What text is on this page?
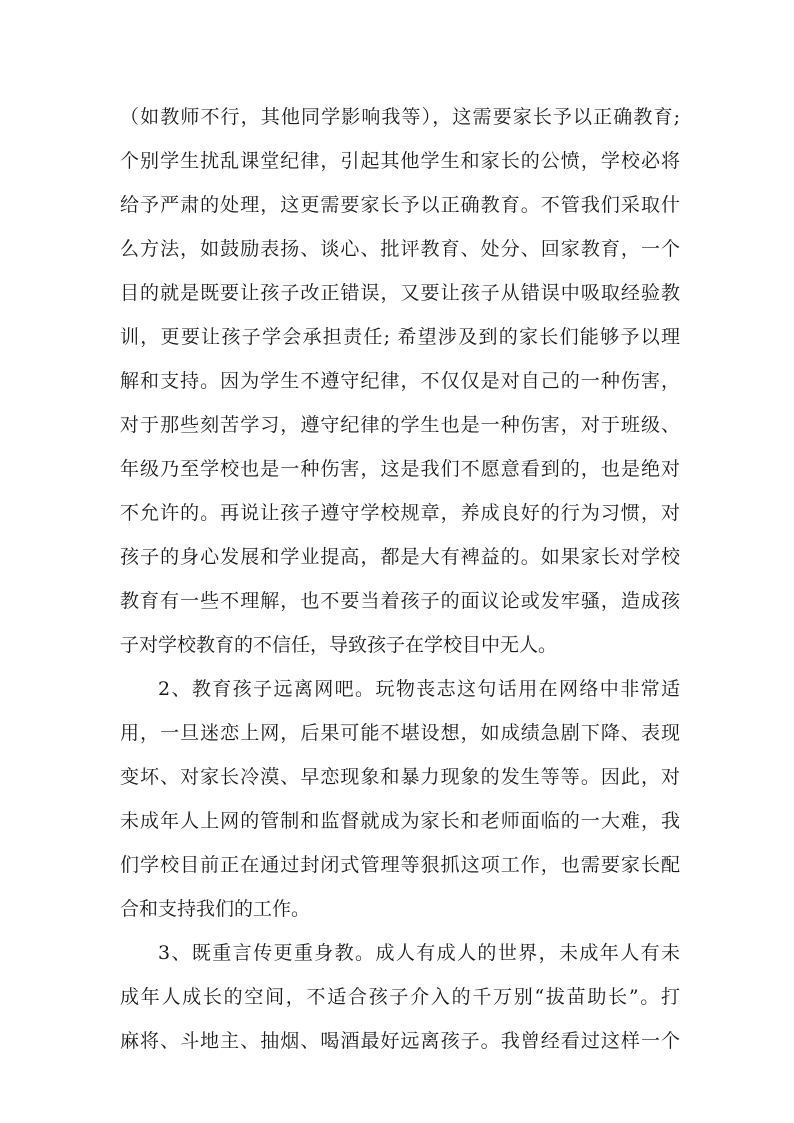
（如教师不行，其他同学影响我等），这需要家长予以正确教育;
个别学生扰乱课堂纪律，引起其他学生和家长的公愤，学校必将
给予严肃的处理，这更需要家长予以正确教育。不管我们采取什
么方法，如鼓励表扬、谈心、批评教育、处分、回家教育，一个
目的就是既要让孩子改正错误，又要让孩子从错误中吸取经验教
训，更要让孩子学会承担责任; 希望涉及到的家长们能够予以理
解和支持。因为学生不遵守纪律，不仅仅是对自己的一种伤害，
对于那些刻苦学习，遵守纪律的学生也是一种伤害，对于班级、
年级乃至学校也是一种伤害，这是我们不愿意看到的，也是绝对
不允许的。再说让孩子遵守学校规章，养成良好的行为习惯，对
孩子的身心发展和学业提高，都是大有裨益的。如果家长对学校
教育有一些不理解，也不要当着孩子的面议论或发牢骚，造成孩
子对学校教育的不信任，导致孩子在学校目中无人。
2、教育孩子远离网吧。玩物丧志这句话用在网络中非常适
用，一旦迷恋上网，后果可能不堪设想，如成绩急剧下降、表现
变坏、对家长冷漠、早恋现象和暴力现象的发生等等。因此，对
未成年人上网的管制和监督就成为家长和老师面临的一大难，我
们学校目前正在通过封闭式管理等狠抓这项工作，也需要家长配
合和支持我们的工作。
3、既重言传更重身教。成人有成人的世界，未成年人有未
成年人成长的空间，不适合孩子介入的千万别“拔苗助长”。打
麻将、斗地主、抽烟、喝酒最好远离孩子。我曾经看过这样一个
